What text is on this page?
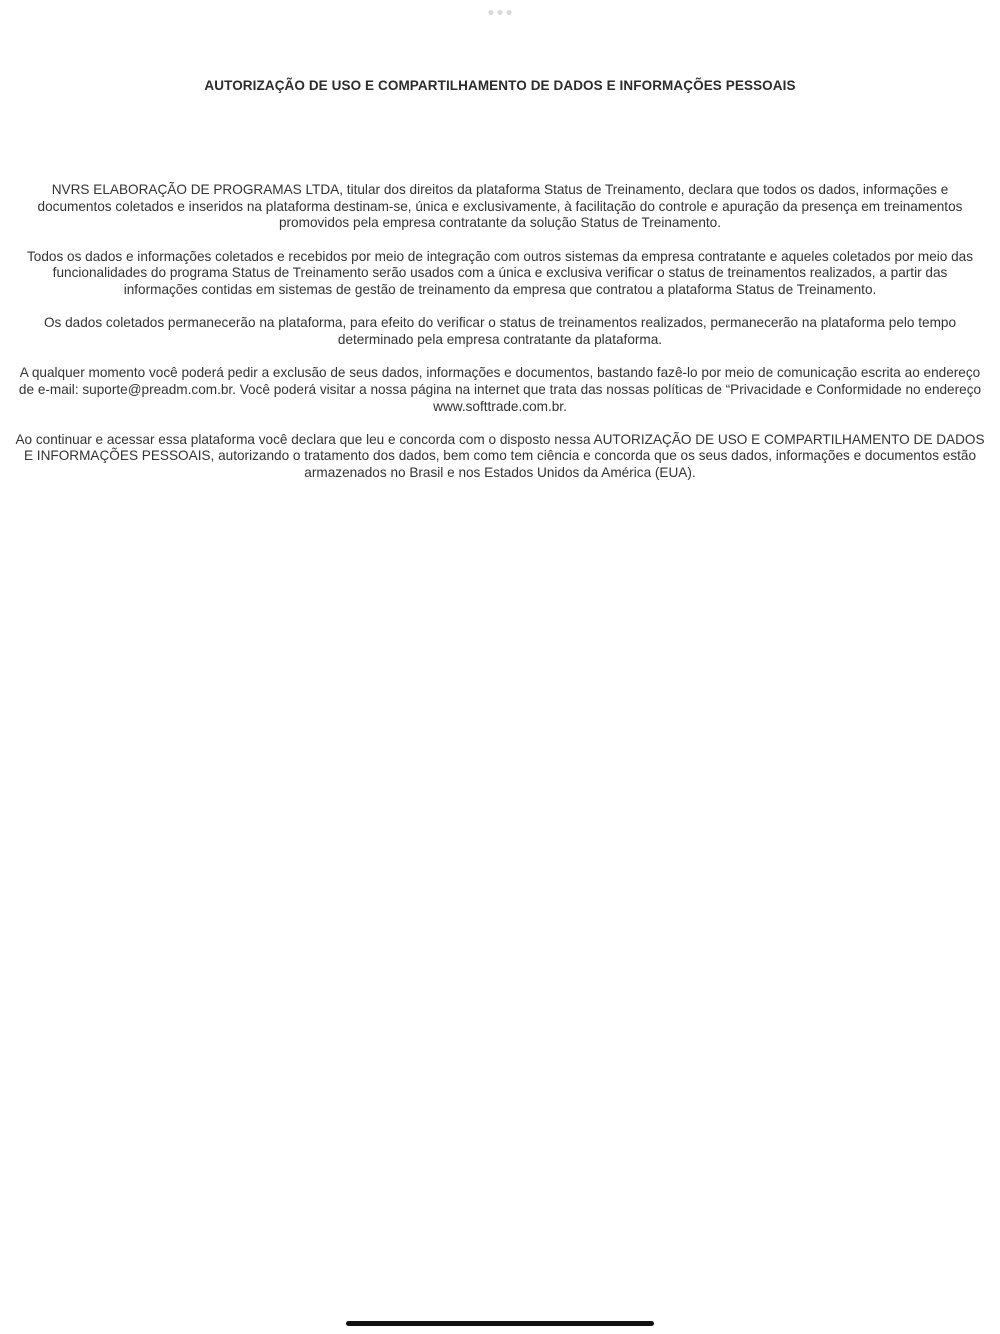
AUTORIZAÇÃO DE USO E COMPARTILHAMENTO DE DADOS E INFORMAÇÕES PESSOAIS

NVRS ELABORAÇÃO DE PROGRAMAS LTDA, titular dos direitos da plataforma Status de Treinamento, declara que todos os dados, informações e documentos coletados e inseridos na plataforma destinam-se, única e exclusivamente, à facilitação do controle e apuração da presença em treinamentos promovidos pela empresa contratante da solução Status de Treinamento.

Todos os dados e informações coletados e recebidos por meio de integração com outros sistemas da empresa contratante e aqueles coletados por meio das funcionalidades do programa Status de Treinamento serão usados com a única e exclusiva verificar o status de treinamentos realizados, a partir das informações contidas em sistemas de gestão de treinamento da empresa que contratou a plataforma Status de Treinamento.

Os dados coletados permanecerão na plataforma, para efeito do verificar o status de treinamentos realizados, permanecerão na plataforma pelo tempo determinado pela empresa contratante da plataforma.

A qualquer momento você poderá pedir a exclusão de seus dados, informações e documentos, bastando fazê-lo por meio de comunicação escrita ao endereço de e-mail: suporte@preadm.com.br. Você poderá visitar a nossa página na internet que trata das nossas políticas de “Privacidade e Conformidade no endereço www.softtrade.com.br.

Ao continuar e acessar essa plataforma você declara que leu e concorda com o disposto nessa AUTORIZAÇÃO DE USO E COMPARTILHAMENTO DE DADOS E INFORMAÇÕES PESSOAIS, autorizando o tratamento dos dados, bem como tem ciência e concorda que os seus dados, informações e documentos estão armazenados no Brasil e nos Estados Unidos da América (EUA).
